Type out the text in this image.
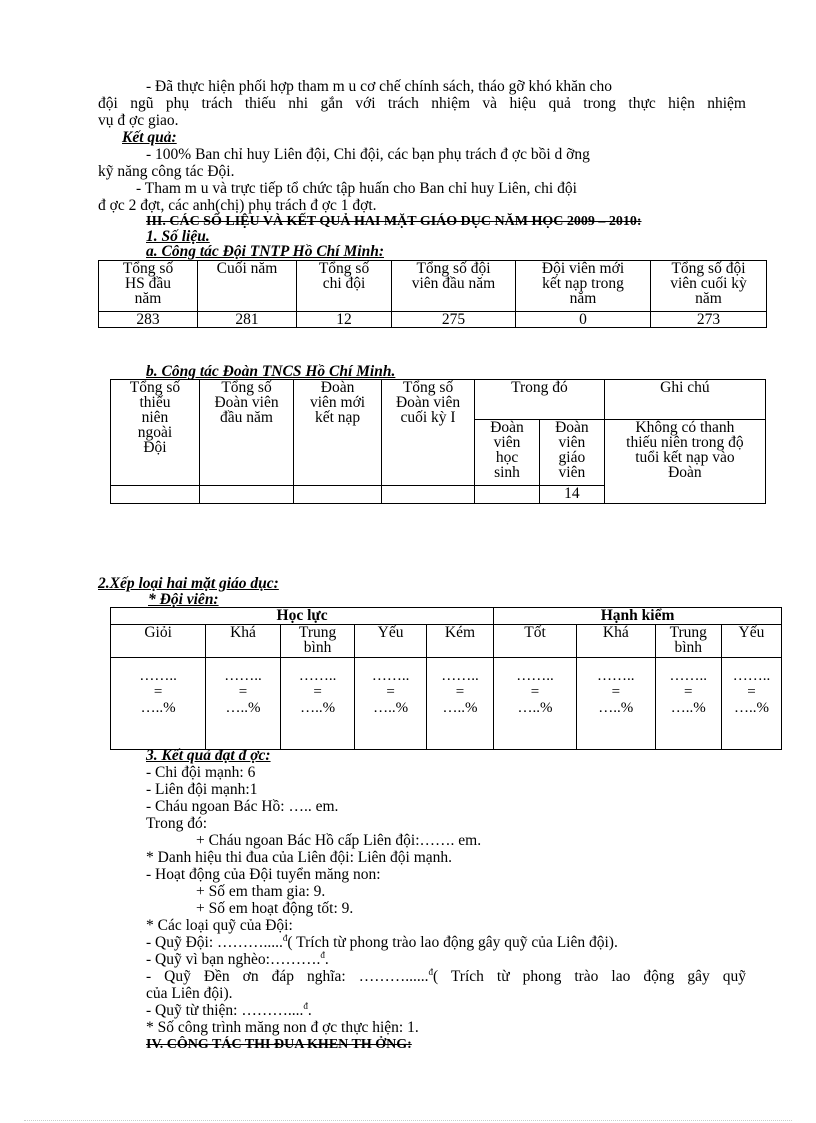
- Đã thực hiện phối hợp tham m u cơ chế chính sách, tháo gỡ khó khăn cho
đội ngũ phụ trách thiếu nhi gắn với trách nhiệm và hiệu quả trong thực hiện nhiệm
vụ đ ợc giao.
Kết quả:
- 100% Ban chỉ huy Liên đội, Chi đội, các bạn phụ trách đ ợc bồi d ỡng
kỹ năng công tác Đội.
- Tham m u và trực tiếp tổ chức tập huấn cho Ban chỉ huy Liên, chi đội
đ ợc 2 đợt, các anh(chị) phụ trách đ ợc 1 đợt.
III. CÁC SỐ LIỆU VÀ KẾT QUẢ HAI MẶT GIÁO DỤC NĂM HỌC 2009 – 2010:
1. Số liệu.
a. Công tác Đội TNTP Hồ Chí Minh:
Tổng số
HS đầu
năm	Cuối năm	Tổng số
chi đội	Tổng số đội
viên đầu năm	Đội viên mới
kết nạp trong
năm	Tổng số đội
viên cuối kỳ
năm
283	281	12	275	0	273
b. Công tác Đoàn TNCS Hồ Chí Minh.
Tổng số
thiếu
niên
ngoài
Đội	Tổng số
Đoàn viên
đầu năm	Đoàn
viên mới
kết nạp	Tổng số
Đoàn viên
cuối kỳ I	Trong đó		Ghi chú
				Đoàn
viên
học
sinh	Đoàn
viên
giáo
viên	Không có thanh
thiếu niên trong độ
tuổi kết nạp vào
Đoàn
					14	
2.Xếp loại hai mặt giáo dục:
* Đội viên:
Học lực					Hạnh kiểm			
Giỏi	Khá	Trung
bình	Yếu	Kém	Tốt	Khá	Trung
bình	Yếu
……..
=
…..%	……..
=
…..%	……..
=
…..%	……..
=
…..%	……..
=
…..%	……..
=
…..%	……..
=
…..%	……..
=
…..%	……..
=
…..%
3. Kết quả đạt đ ợc:
- Chi đội mạnh: 6
- Liên đội mạnh:1
- Cháu ngoan Bác Hồ: ….. em.
Trong đó:
+ Cháu ngoan Bác Hồ cấp Liên đội:……. em.
* Danh hiệu thi đua của Liên đội: Liên đội mạnh.
- Hoạt động của Đội tuyển măng non:
+ Số em tham gia: 9.
+ Số em hoạt động tốt: 9.
* Các loại quỹ của Đội:
- Quỹ Đội: ……….....$^đ$( Trích từ phong trào lao động gây quỹ của Liên đội).
- Quỹ vì bạn nghèo:……….$^đ$.
- Quỹ Đền ơn đáp nghĩa: ………......$^đ$( Trích từ phong trào lao động gây quỹ
của Liên đội).
- Quỹ từ thiện: ………....$^đ$.
* Số công trình măng non đ ợc thực hiện: 1.
IV. CÔNG TÁC THI ĐUA KHEN TH ỞNG:
